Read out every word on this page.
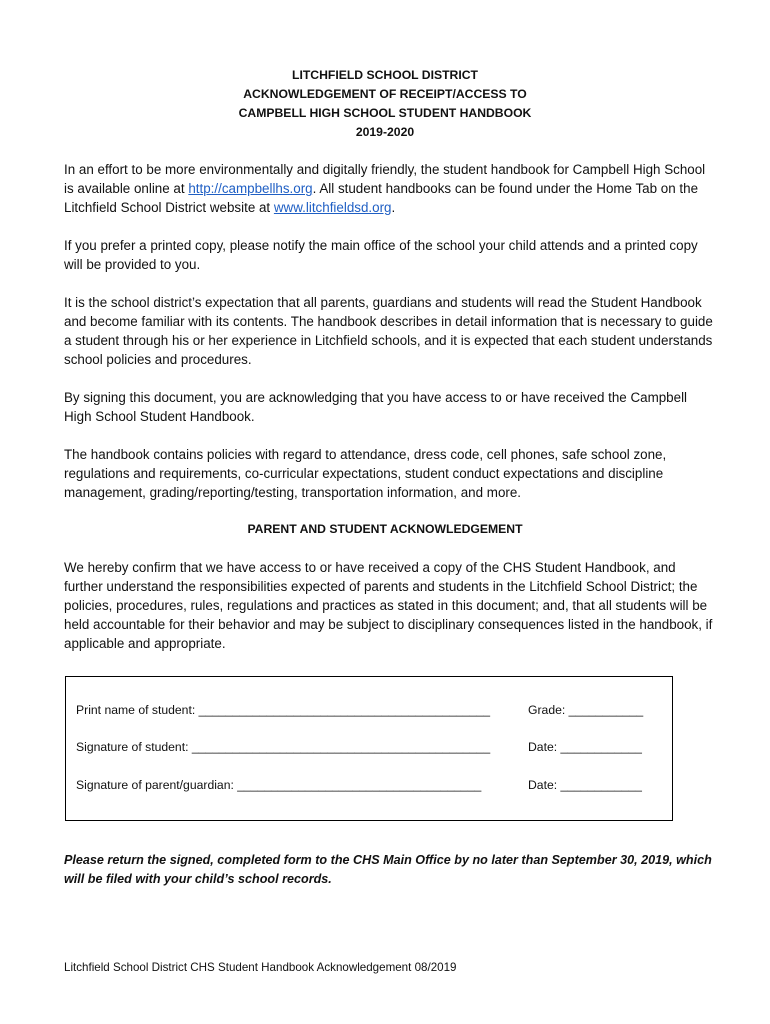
LITCHFIELD SCHOOL DISTRICT
ACKNOWLEDGEMENT OF RECEIPT/ACCESS TO
CAMPBELL HIGH SCHOOL STUDENT HANDBOOK
2019-2020

In an effort to be more environmentally and digitally friendly, the student handbook for Campbell High School is available online at http://campbellhs.org. All student handbooks can be found under the Home Tab on the Litchfield School District website at www.litchfieldsd.org.

If you prefer a printed copy, please notify the main office of the school your child attends and a printed copy will be provided to you.

It is the school district’s expectation that all parents, guardians and students will read the Student Handbook and become familiar with its contents. The handbook describes in detail information that is necessary to guide a student through his or her experience in Litchfield schools, and it is expected that each student understands school policies and procedures.

By signing this document, you are acknowledging that you have access to or have received the Campbell High School Student Handbook.

The handbook contains policies with regard to attendance, dress code, cell phones, safe school zone, regulations and requirements, co-curricular expectations, student conduct expectations and discipline management, grading/reporting/testing, transportation information, and more.

PARENT AND STUDENT ACKNOWLEDGEMENT

We hereby confirm that we have access to or have received a copy of the CHS Student Handbook, and further understand the responsibilities expected of parents and students in the Litchfield School District; the policies, procedures, rules, regulations and practices as stated in this document; and, that all students will be held accountable for their behavior and may be subject to disciplinary consequences listed in the handbook, if applicable and appropriate.

Print name of student: ___________________________________________	Grade: ___________
Signature of student: ____________________________________________	Date: ____________
Signature of parent/guardian: ____________________________________	Date: ____________

Please return the signed, completed form to the CHS Main Office by no later than September 30, 2019, which will be filed with your child’s school records.

Litchfield School District CHS Student Handbook Acknowledgement 08/2019
